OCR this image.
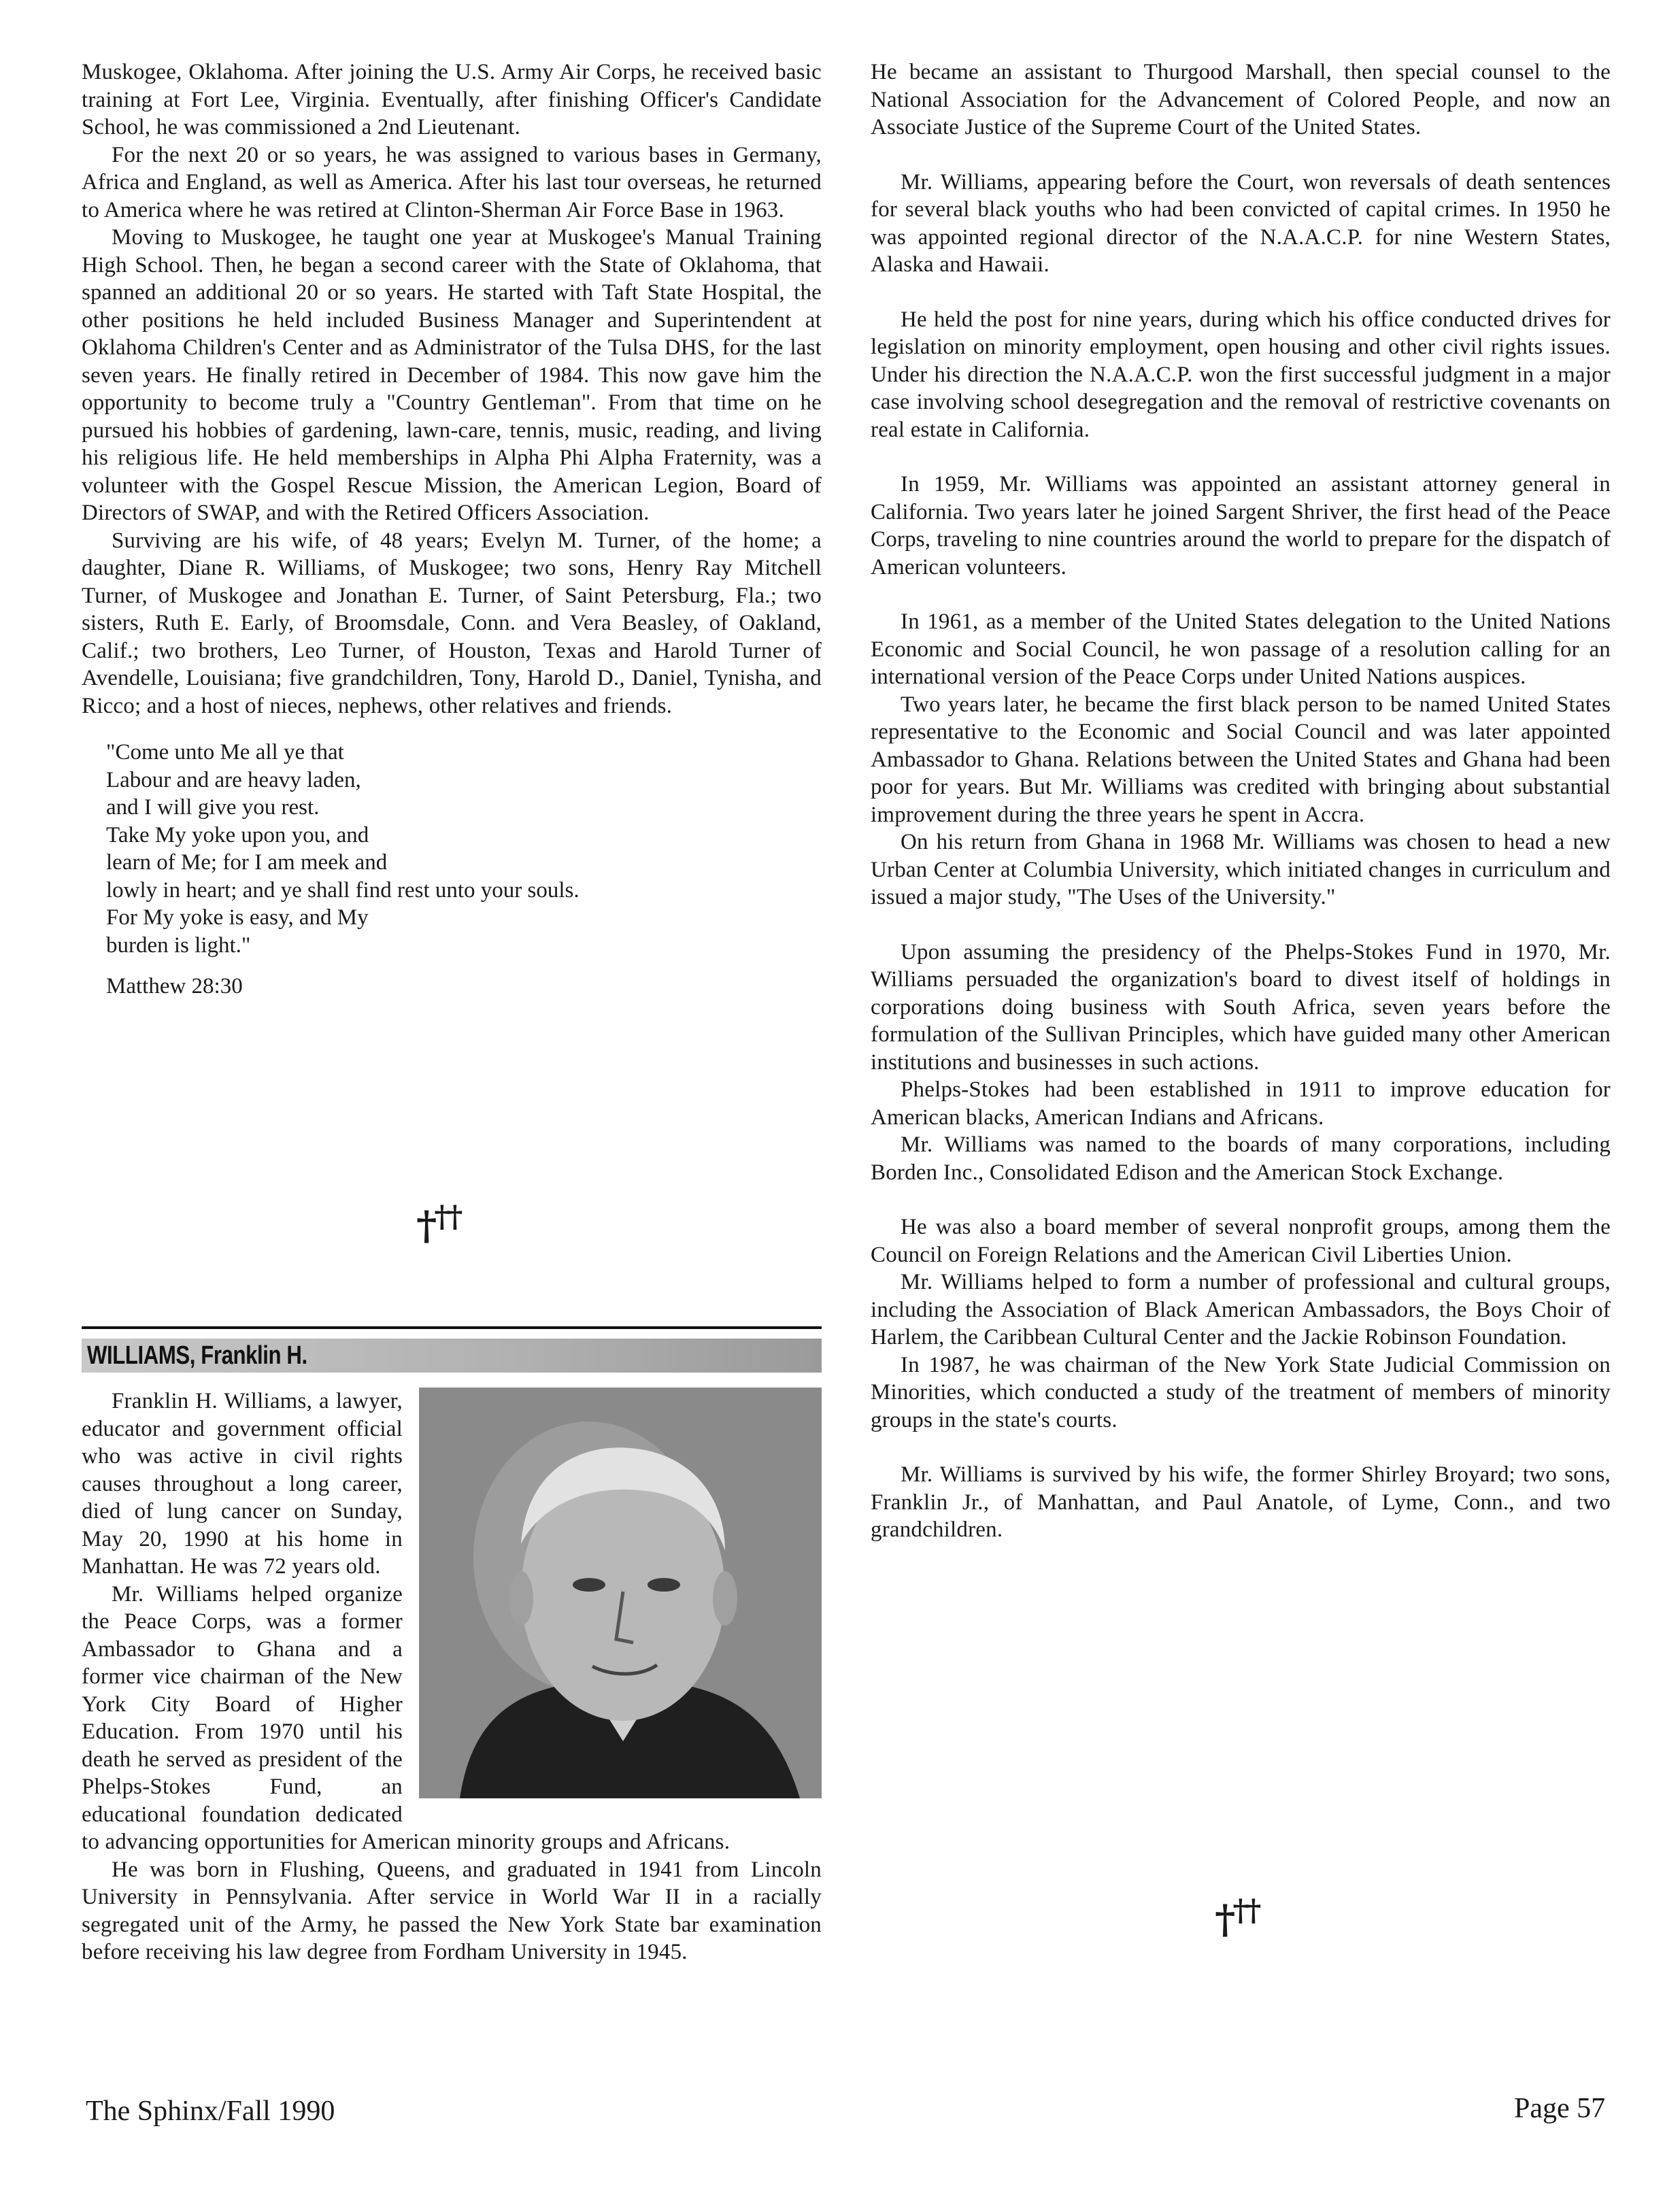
Muskogee, Oklahoma. After joining the U.S. Army Air Corps, he received basic training at Fort Lee, Virginia. Eventually, after finishing Officer's Candidate School, he was commissioned a 2nd Lieutenant.

For the next 20 or so years, he was assigned to various bases in Germany, Africa and England, as well as America. After his last tour overseas, he returned to America where he was retired at Clinton-Sherman Air Force Base in 1963.

Moving to Muskogee, he taught one year at Muskogee's Manual Training High School. Then, he began a second career with the State of Oklahoma, that spanned an additional 20 or so years. He started with Taft State Hospital, the other positions he held included Business Manager and Superintendent at Oklahoma Children's Center and as Administrator of the Tulsa DHS, for the last seven years. He finally retired in December of 1984. This now gave him the opportunity to become truly a "Country Gentleman". From that time on he pursued his hobbies of gardening, lawn-care, tennis, music, reading, and living his religious life. He held memberships in Alpha Phi Alpha Fraternity, was a volunteer with the Gospel Rescue Mission, the American Legion, Board of Directors of SWAP, and with the Retired Officers Association.

Surviving are his wife, of 48 years; Evelyn M. Turner, of the home; a daughter, Diane R. Williams, of Muskogee; two sons, Henry Ray Mitchell Turner, of Muskogee and Jonathan E. Turner, of Saint Petersburg, Fla.; two sisters, Ruth E. Early, of Broomsdale, Conn. and Vera Beasley, of Oakland, Calif.; two brothers, Leo Turner, of Houston, Texas and Harold Turner of Avendelle, Louisiana; five grandchildren, Tony, Harold D., Daniel, Tynisha, and Ricco; and a host of nieces, nephews, other relatives and friends.

"Come unto Me all ye that
Labour and are heavy laden,
and I will give you rest.
Take My yoke upon you, and
learn of Me; for I am meek and
lowly in heart; and ye shall find rest unto your souls.
For My yoke is easy, and My
burden is light."
Matthew 28:30
†††
WILLIAMS, Franklin H.

Franklin H. Williams, a lawyer, educator and government official who was active in civil rights causes throughout a long career, died of lung cancer on Sunday, May 20, 1990 at his home in Manhattan. He was 72 years old.

Mr. Williams helped organize the Peace Corps, was a former Ambassador to Ghana and a former vice chairman of the New York City Board of Higher Education. From 1970 until his death he served as president of the Phelps-Stokes Fund, an educational foundation dedicated to advancing opportunities for American minority groups and Africans.

He was born in Flushing, Queens, and graduated in 1941 from Lincoln University in Pennsylvania. After service in World War II in a racially segregated unit of the Army, he passed the New York State bar examination before receiving his law degree from Fordham University in 1945.

He became an assistant to Thurgood Marshall, then special counsel to the National Association for the Advancement of Colored People, and now an Associate Justice of the Supreme Court of the United States.

Mr. Williams, appearing before the Court, won reversals of death sentences for several black youths who had been convicted of capital crimes. In 1950 he was appointed regional director of the N.A.A.C.P. for nine Western States, Alaska and Hawaii.

He held the post for nine years, during which his office conducted drives for legislation on minority employment, open housing and other civil rights issues. Under his direction the N.A.A.C.P. won the first successful judgment in a major case involving school desegregation and the removal of restrictive covenants on real estate in California.

In 1959, Mr. Williams was appointed an assistant attorney general in California. Two years later he joined Sargent Shriver, the first head of the Peace Corps, traveling to nine countries around the world to prepare for the dispatch of American volunteers.

In 1961, as a member of the United States delegation to the United Nations Economic and Social Council, he won passage of a resolution calling for an international version of the Peace Corps under United Nations auspices.

Two years later, he became the first black person to be named United States representative to the Economic and Social Council and was later appointed Ambassador to Ghana. Relations between the United States and Ghana had been poor for years. But Mr. Williams was credited with bringing about substantial improvement during the three years he spent in Accra.

On his return from Ghana in 1968 Mr. Williams was chosen to head a new Urban Center at Columbia University, which initiated changes in curriculum and issued a major study, "The Uses of the University."

Upon assuming the presidency of the Phelps-Stokes Fund in 1970, Mr. Williams persuaded the organization's board to divest itself of holdings in corporations doing business with South Africa, seven years before the formulation of the Sullivan Principles, which have guided many other American institutions and businesses in such actions.

Phelps-Stokes had been established in 1911 to improve education for American blacks, American Indians and Africans.

Mr. Williams was named to the boards of many corporations, including Borden Inc., Consolidated Edison and the American Stock Exchange.

He was also a board member of several nonprofit groups, among them the Council on Foreign Relations and the American Civil Liberties Union.

Mr. Williams helped to form a number of professional and cultural groups, including the Association of Black American Ambassadors, the Boys Choir of Harlem, the Caribbean Cultural Center and the Jackie Robinson Foundation.

In 1987, he was chairman of the New York State Judicial Commission on Minorities, which conducted a study of the treatment of members of minority groups in the state's courts.

Mr. Williams is survived by his wife, the former Shirley Broyard; two sons, Franklin Jr., of Manhattan, and Paul Anatole, of Lyme, Conn., and two grandchildren.

†††
The Sphinx/Fall 1990	Page 57
